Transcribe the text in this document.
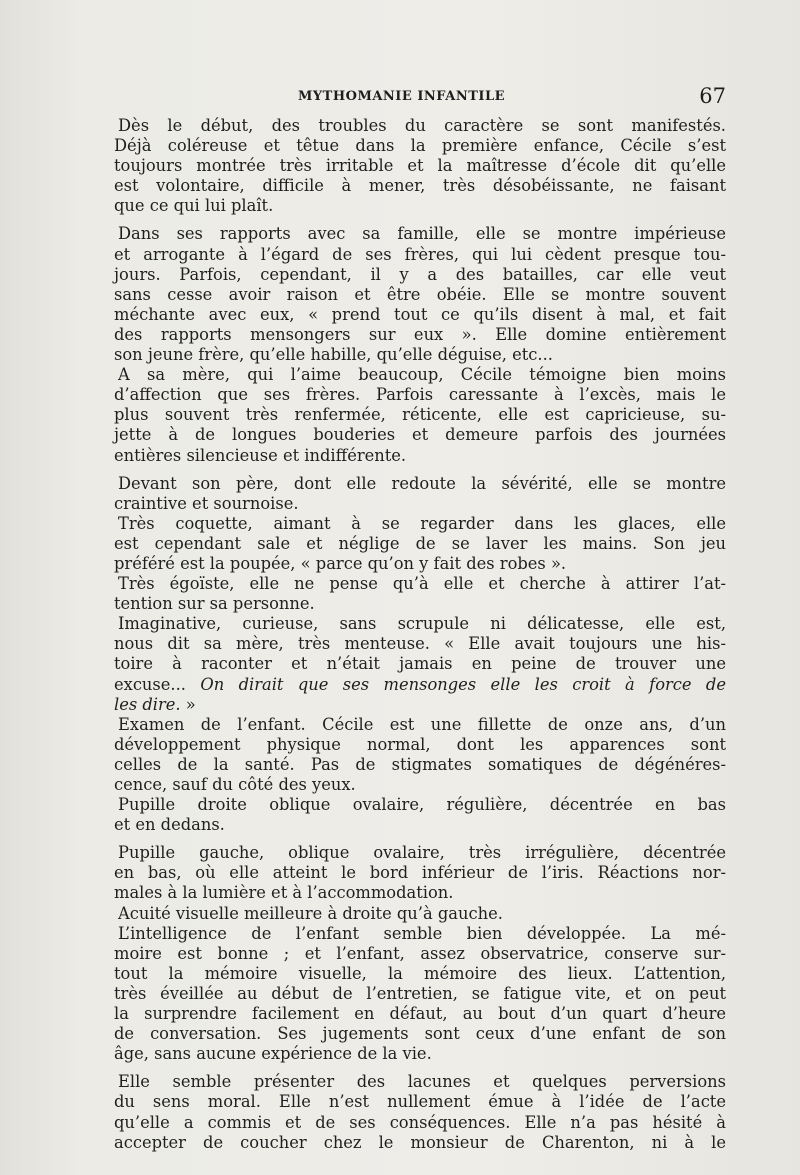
MYTHOMANIE INFANTILE	67
Dès le début, des troubles du caractère se sont manifestés.
Déjà coléreuse et têtue dans la première enfance, Cécile s’est
toujours montrée très irritable et la maîtresse d’école dit qu’elle
est volontaire, difficile à mener, très désobéissante, ne faisant
que ce qui lui plaît.
Dans ses rapports avec sa famille, elle se montre impérieuse
et arrogante à l’égard de ses frères, qui lui cèdent presque tou-
jours. Parfois, cependant, il y a des batailles, car elle veut
sans cesse avoir raison et être obéie. Elle se montre souvent
méchante avec eux, « prend tout ce qu’ils disent à mal, et fait
des rapports mensongers sur eux ». Elle domine entièrement
son jeune frère, qu’elle habille, qu’elle déguise, etc...
A sa mère, qui l’aime beaucoup, Cécile témoigne bien moins
d’affection que ses frères. Parfois caressante à l’excès, mais le
plus souvent très renfermée, réticente, elle est capricieuse, su-
jette à de longues bouderies et demeure parfois des journées
entières silencieuse et indifférente.
Devant son père, dont elle redoute la sévérité, elle se montre
craintive et sournoise.
Très coquette, aimant à se regarder dans les glaces, elle
est cependant sale et néglige de se laver les mains. Son jeu
préféré est la poupée, « parce qu’on y fait des robes ».
Très égoïste, elle ne pense qu’à elle et cherche à attirer l’at-
tention sur sa personne.
Imaginative, curieuse, sans scrupule ni délicatesse, elle est,
nous dit sa mère, très menteuse. « Elle avait toujours une his-
toire à raconter et n’était jamais en peine de trouver une
excuse... On dirait que ses mensonges elle les croit à force de
les dire. »
Examen de l’enfant. Cécile est une fillette de onze ans, d’un
développement physique normal, dont les apparences sont
celles de la santé. Pas de stigmates somatiques de dégénéres-
cence, sauf du côté des yeux.
Pupille droite oblique ovalaire, régulière, décentrée en bas
et en dedans.
Pupille gauche, oblique ovalaire, très irrégulière, décentrée
en bas, où elle atteint le bord inférieur de l’iris. Réactions nor-
males à la lumière et à l’accommodation.
Acuité visuelle meilleure à droite qu’à gauche.
L’intelligence de l’enfant semble bien développée. La mé-
moire est bonne ; et l’enfant, assez observatrice, conserve sur-
tout la mémoire visuelle, la mémoire des lieux. L’attention,
très éveillée au début de l’entretien, se fatigue vite, et on peut
la surprendre facilement en défaut, au bout d’un quart d’heure
de conversation. Ses jugements sont ceux d’une enfant de son
âge, sans aucune expérience de la vie.
Elle semble présenter des lacunes et quelques perversions
du sens moral. Elle n’est nullement émue à l’idée de l’acte
qu’elle a commis et de ses conséquences. Elle n’a pas hésité à
accepter de coucher chez le monsieur de Charenton, ni à le
